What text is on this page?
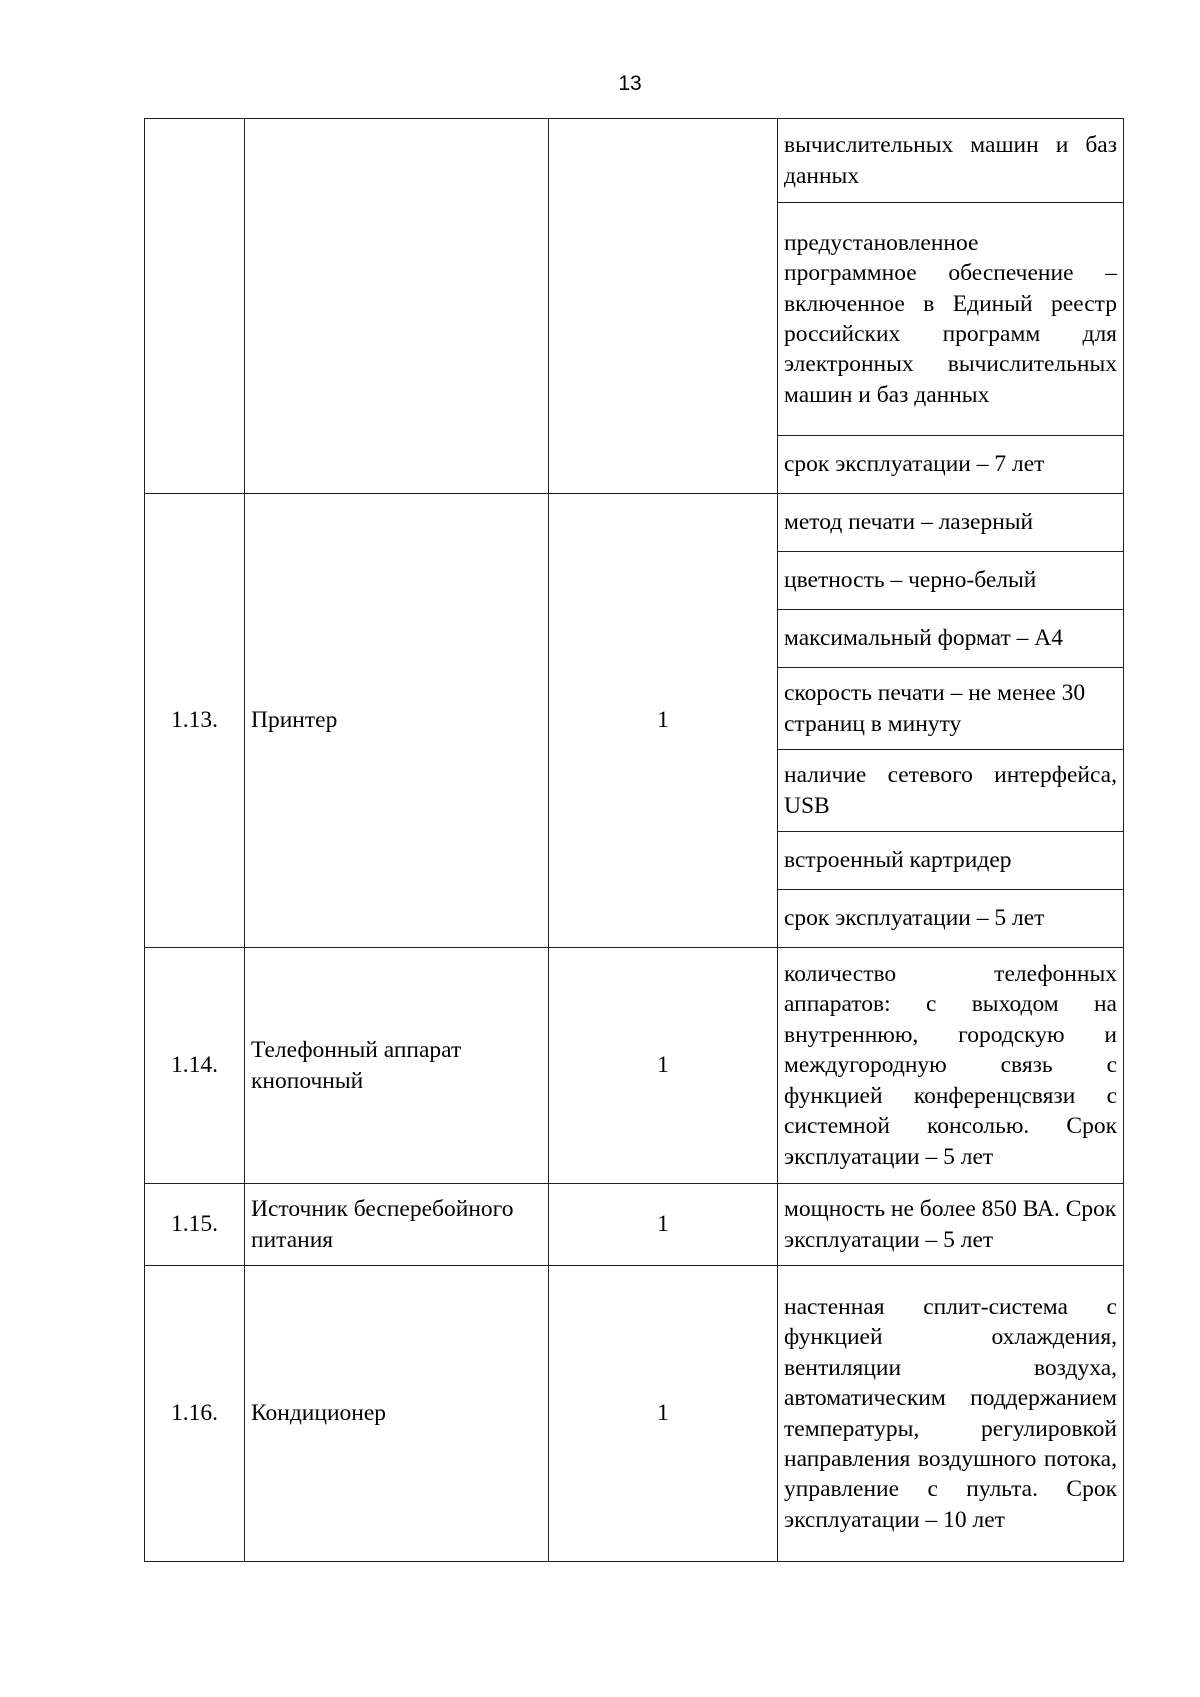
13
			вычислительных машин и баз данных
			предустановленное программное обеспечение – включенное в Единый реестр российских программ для электронных вычислительных машин и баз данных
			срок эксплуатации – 7 лет
1.13.	Принтер	1	метод печати – лазерный
			цветность – черно-белый
			максимальный формат – А4
			скорость печати – не менее 30 страниц в минуту
			наличие сетевого интерфейса, USB
			встроенный картридер
			срок эксплуатации – 5 лет
1.14.	Телефонный аппарат кнопочный	1	количество телефонных аппаратов: с выходом на внутреннюю, городскую и междугородную связь с функцией конференцсвязи с системной консолью. Срок эксплуатации – 5 лет
1.15.	Источник бесперебойного питания	1	мощность не более 850 ВА. Срок эксплуатации – 5 лет
1.16.	Кондиционер	1	настенная сплит-система с функцией охлаждения, вентиляции воздуха, автоматическим поддержанием температуры, регулировкой направления воздушного потока, управление с пульта. Срок эксплуатации – 10 лет
